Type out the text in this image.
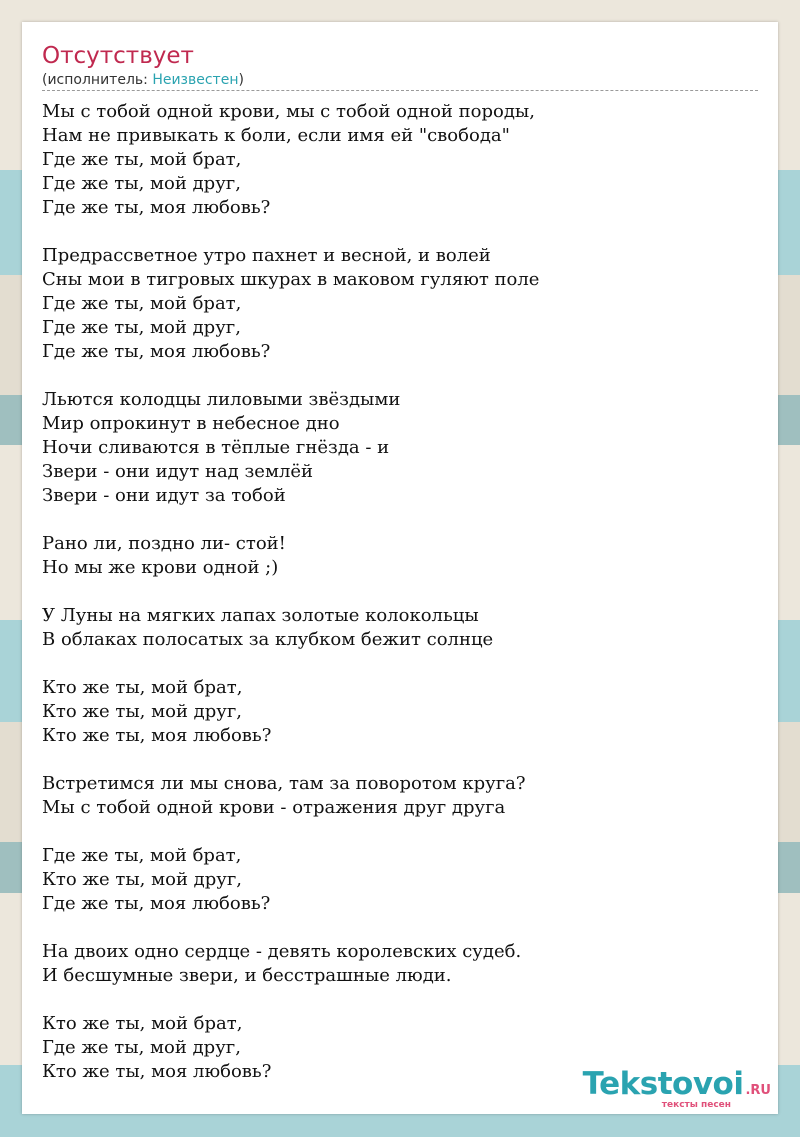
Отсутствует
(исполнитель: Неизвестен)
Мы с тобой одной крови, мы с тобой одной породы,
Нам не привыкать к боли, если имя ей "свобода"
Где же ты, мой брат,
Где же ты, мой друг,
Где же ты, моя любовь?

Предрассветное утро пахнет и весной, и волей
Сны мои в тигровых шкурах в маковом гуляют поле
Где же ты, мой брат,
Где же ты, мой друг,
Где же ты, моя любовь?

Льются колодцы лиловыми звёздыми
Мир опрокинут в небесное дно
Ночи сливаются в тёплые гнёзда - и
Звери - они идут над землёй
Звери - они идут за тобой

Рано ли, поздно ли- стой!
Но мы же крови одной ;)

У Луны на мягких лапах золотые колокольцы
В облаках полосатых за клубком бежит солнце

Кто же ты, мой брат,
Кто же ты, мой друг,
Кто же ты, моя любовь?

Встретимся ли мы снова, там за поворотом круга?
Мы с тобой одной крови - отражения друг друга

Где же ты, мой брат,
Кто же ты, мой друг,
Где же ты, моя любовь?

На двоих одно сердце - девять королевских судеб.
И бесшумные звери, и бесстрашные люди.

Кто же ты, мой брат,
Где же ты, мой друг,
Кто же ты, моя любовь?	Tekstovoi .RU
тексты песен
